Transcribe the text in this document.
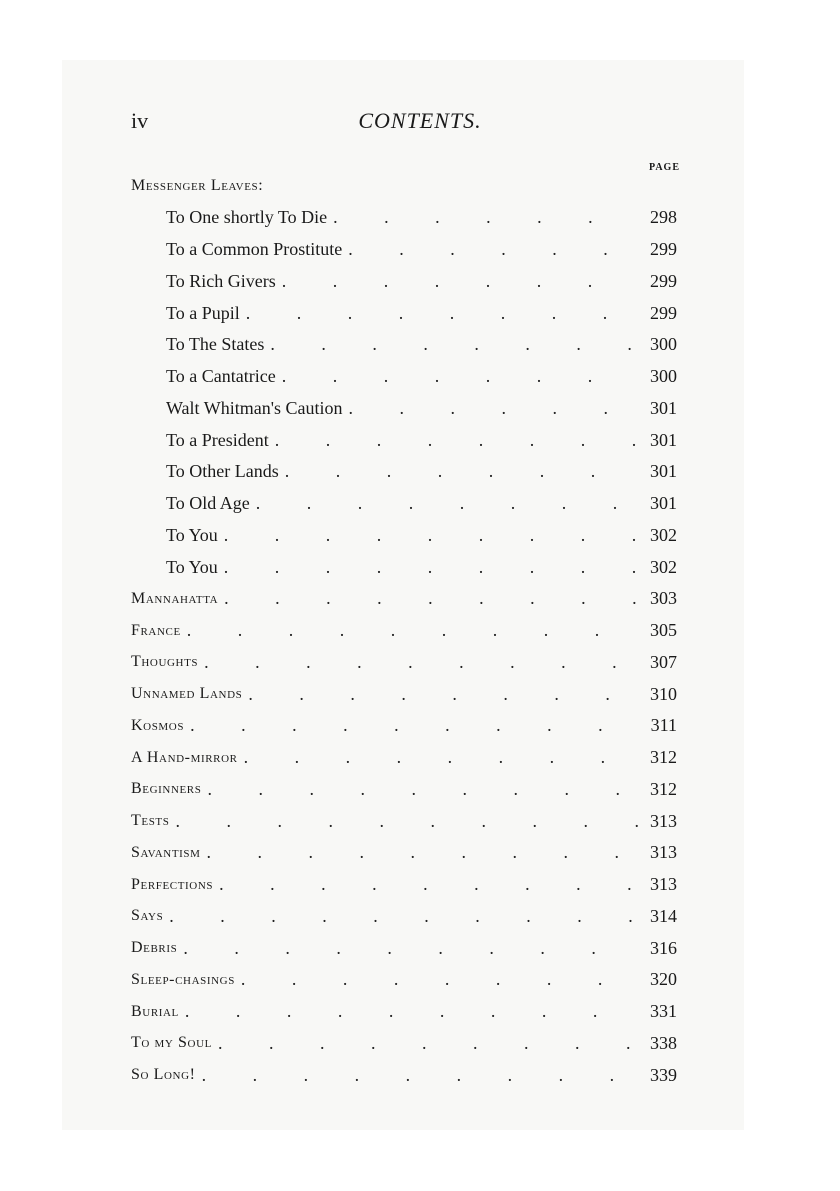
iv	CONTENTS.
PAGE
Messenger Leaves:
To One shortly To Die . . .	298
To a Common Prostitute . . .	299
To Rich Givers . . .	299
To a Pupil . . .	299
To The States . . .	300
To a Cantatrice . . .	300
Walt Whitman's Caution . . .	301
To a President . . .	301
To Other Lands . . .	301
To Old Age . . .	301
To You . . .	302
To You . . .	302
Mannahatta . . .	303
France . . .	305
Thoughts . . .	307
Unnamed Lands . . .	310
Kosmos . . .	311
A Hand-mirror . . .	312
Beginners . . .	312
Tests . . .	313
Savantism . . .	313
Perfections . . .	313
Says . . .	314
Debris . . .	316
Sleep-chasings . . .	320
Burial . . .	331
To my Soul . . .	338
So Long! . . .	339
